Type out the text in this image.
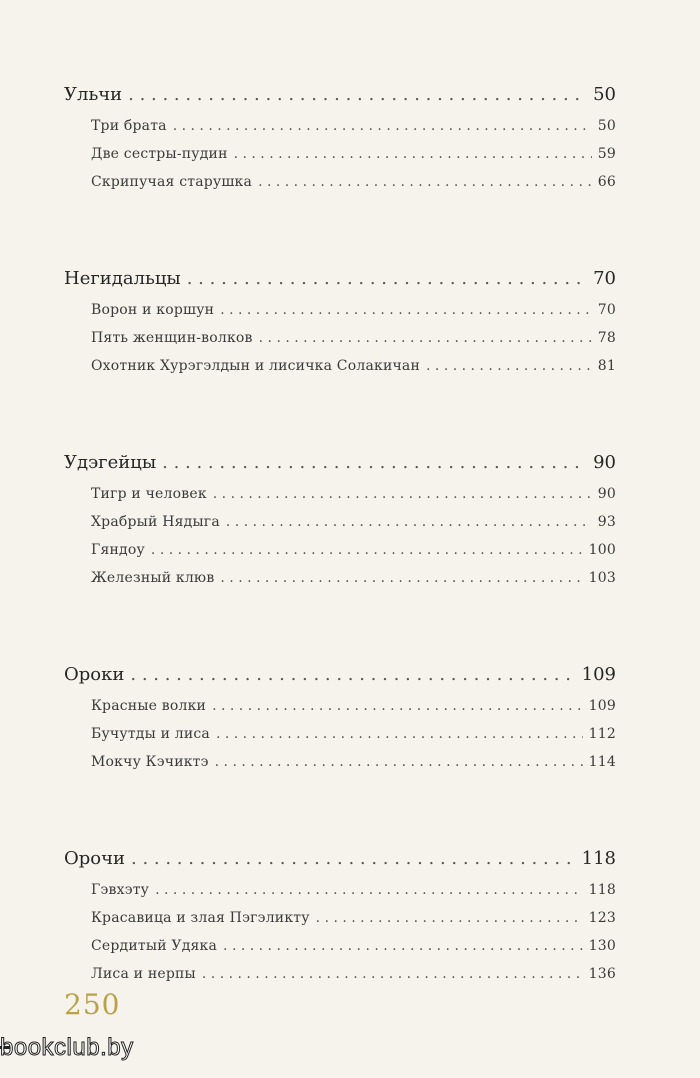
Ульчи . . .	50
Три брата . . .	50
Две сестры-пудин . . .	59
Скрипучая старушка . . .	66
Негидальцы . . .	70
Ворон и коршун . . .	70
Пять женщин-волков . . .	78
Охотник Хурэгэлдын и лисичка Солакичан . . .	81
Удэгейцы . . .	90
Тигр и человек . . .	90
Храбрый Нядыга . . .	93
Гяндоу . . .	100
Железный клюв . . .	103
Ороки . . .	109
Красные волки . . .	109
Бучутды и лиса . . .	112
Мокчу Кэчиктэ . . .	114
Орочи . . .	118
Гэвхэту . . .	118
Красавица и злая Пэгэликту . . .	123
Сердитый Удяка . . .	130
Лиса и нерпы . . .	136
250
bookclub.by
